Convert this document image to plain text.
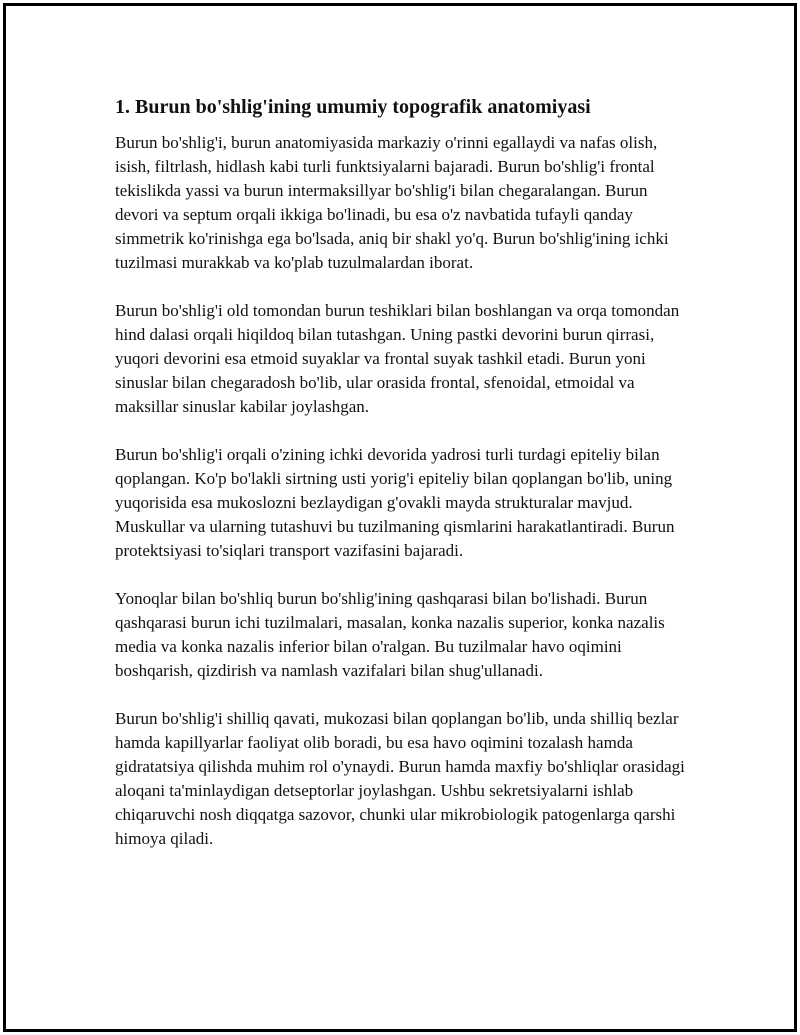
1. Burun bo'shlig'ining umumiy topografik anatomiyasi

Burun bo'shlig'i, burun anatomiyasida markaziy o'rinni egallaydi va nafas olish, isish, filtrlash, hidlash kabi turli funktsiyalarni bajaradi. Burun bo'shlig'i frontal tekislikda yassi va burun intermaksillyar bo'shlig'i bilan chegaralangan. Burun devori va septum orqali ikkiga bo'linadi, bu esa o'z navbatida tufayli qanday simmetrik ko'rinishga ega bo'lsada, aniq bir shakl yo'q. Burun bo'shlig'ining ichki tuzilmasi murakkab va ko'plab tuzulmalardan iborat.

Burun bo'shlig'i old tomondan burun teshiklari bilan boshlangan va orqa tomondan hind dalasi orqali hiqildoq bilan tutashgan. Uning pastki devorini burun qirrasi, yuqori devorini esa etmoid suyaklar va frontal suyak tashkil etadi. Burun yoni sinuslar bilan chegaradosh bo'lib, ular orasida frontal, sfenoidal, etmoidal va maksillar sinuslar kabilar joylashgan.

Burun bo'shlig'i orqali o'zining ichki devorida yadrosi turli turdagi epiteliy bilan qoplangan. Ko'p bo'lakli sirtning usti yorig'i epiteliy bilan qoplangan bo'lib, uning yuqorisida esa mukoslozni bezlaydigan g'ovakli mayda strukturalar mavjud. Muskullar va ularning tutashuvi bu tuzilmaning qismlarini harakatlantiradi. Burun protektsiyasi to'siqlari transport vazifasini bajaradi.

Yonoqlar bilan bo'shliq burun bo'shlig'ining qashqarasi bilan bo'lishadi. Burun qashqarasi burun ichi tuzilmalari, masalan, konka nazalis superior, konka nazalis media va konka nazalis inferior bilan o'ralgan. Bu tuzilmalar havo oqimini boshqarish, qizdirish va namlash vazifalari bilan shug'ullanadi.

Burun bo'shlig'i shilliq qavati, mukozasi bilan qoplangan bo'lib, unda shilliq bezlar hamda kapillyarlar faoliyat olib boradi, bu esa havo oqimini tozalash hamda gidratatsiya qilishda muhim rol o'ynaydi. Burun hamda maxfiy bo'shliqlar orasidagi aloqani ta'minlaydigan detseptorlar joylashgan. Ushbu sekretsiyalarni ishlab chiqaruvchi nosh diqqatga sazovor, chunki ular mikrobiologik patogenlarga qarshi himoya qiladi.
